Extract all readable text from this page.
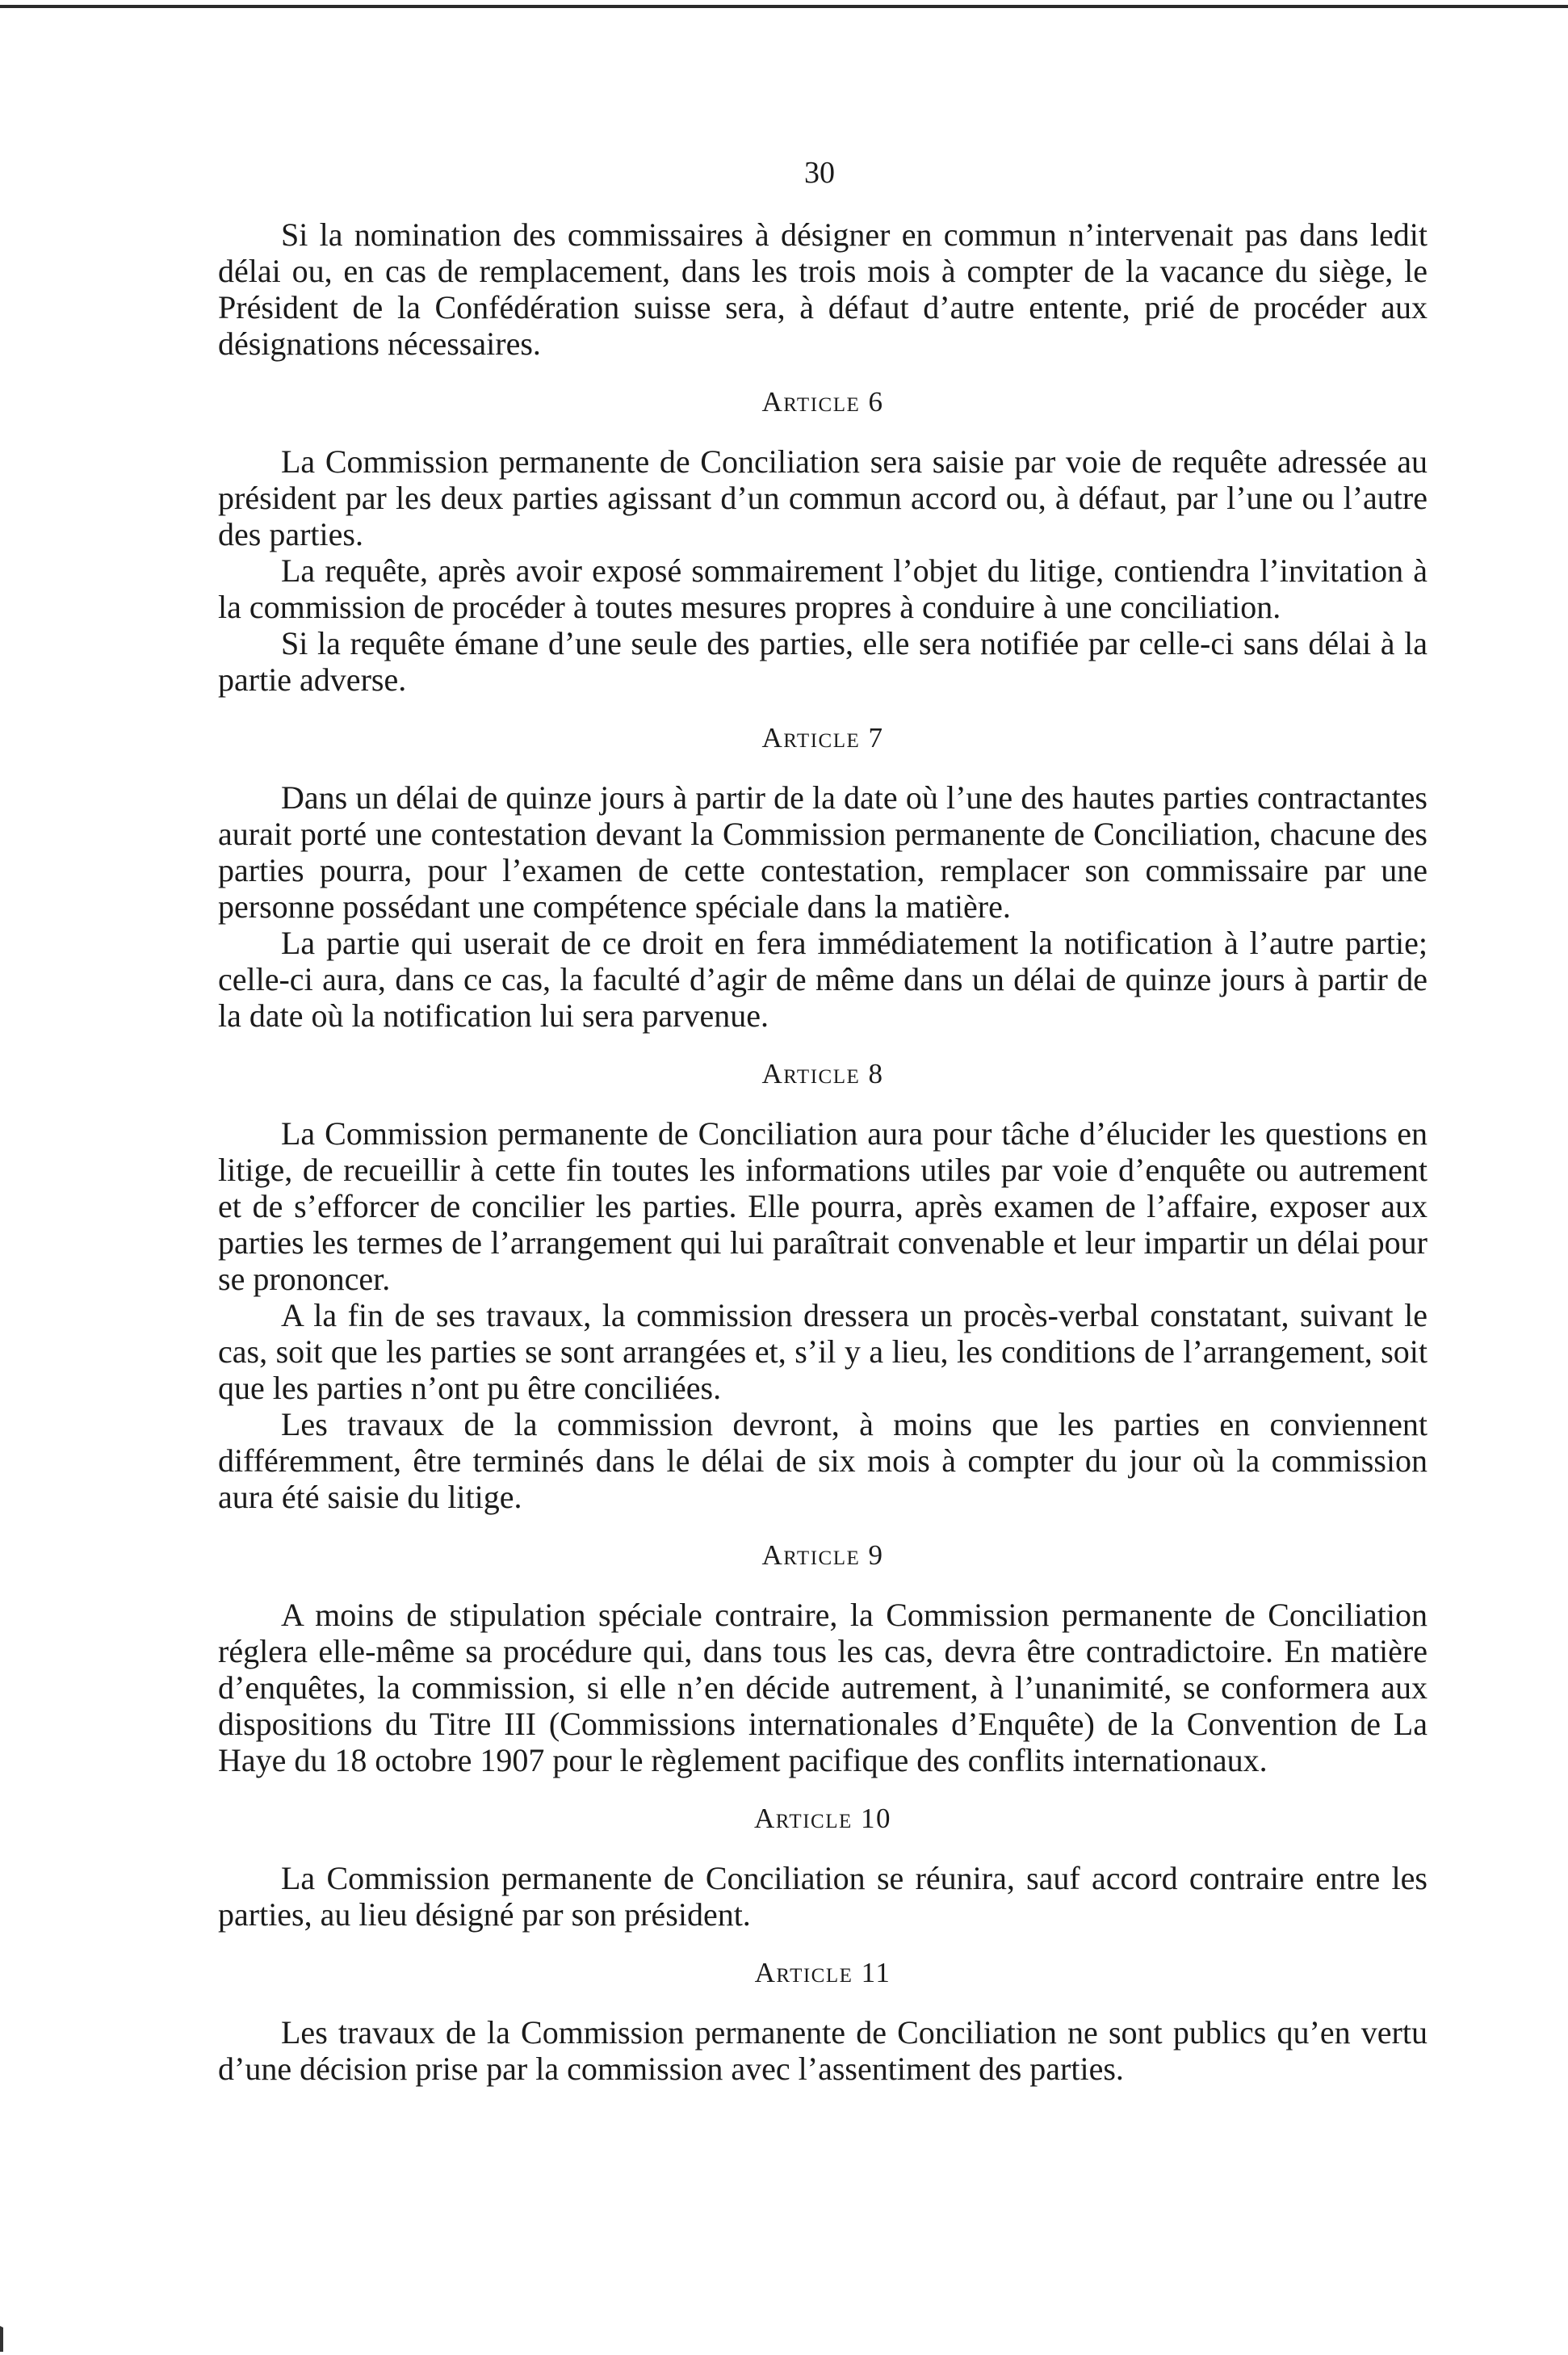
30

Si la nomination des commissaires à désigner en commun n’intervenait pas dans ledit délai ou, en cas de remplacement, dans les trois mois à compter de la vacance du siège, le Président de la Confédération suisse sera, à défaut d’autre entente, prié de procéder aux désignations nécessaires.

Article 6

La Commission permanente de Conciliation sera saisie par voie de requête adressée au président par les deux parties agissant d’un commun accord ou, à défaut, par l’une ou l’autre des parties.

La requête, après avoir exposé sommairement l’objet du litige, contiendra l’invitation à la commission de procéder à toutes mesures propres à conduire à une conciliation.

Si la requête émane d’une seule des parties, elle sera notifiée par celle-ci sans délai à la partie adverse.

Article 7

Dans un délai de quinze jours à partir de la date où l’une des hautes parties contractantes aurait porté une contestation devant la Commission permanente de Conciliation, chacune des parties pourra, pour l’examen de cette contestation, remplacer son commissaire par une personne possédant une compétence spéciale dans la matière.

La partie qui userait de ce droit en fera immédiatement la notification à l’autre partie; celle-ci aura, dans ce cas, la faculté d’agir de même dans un délai de quinze jours à partir de la date où la notification lui sera parvenue.

Article 8

La Commission permanente de Conciliation aura pour tâche d’élucider les questions en litige, de recueillir à cette fin toutes les informations utiles par voie d’enquête ou autrement et de s’efforcer de concilier les parties. Elle pourra, après examen de l’affaire, exposer aux parties les termes de l’arrangement qui lui paraîtrait convenable et leur impartir un délai pour se prononcer.

A la fin de ses travaux, la commission dressera un procès-verbal constatant, suivant le cas, soit que les parties se sont arrangées et, s’il y a lieu, les conditions de l’arrangement, soit que les parties n’ont pu être conciliées.

Les travaux de la commission devront, à moins que les parties en conviennent différemment, être terminés dans le délai de six mois à compter du jour où la commission aura été saisie du litige.

Article 9

A moins de stipulation spéciale contraire, la Commission permanente de Conciliation réglera elle-même sa procédure qui, dans tous les cas, devra être contradictoire. En matière d’enquêtes, la commission, si elle n’en décide autrement, à l’unanimité, se conformera aux dispositions du Titre III (Commissions internationales d’Enquête) de la Convention de La Haye du 18 octobre 1907 pour le règlement pacifique des conflits internationaux.

Article 10

La Commission permanente de Conciliation se réunira, sauf accord contraire entre les parties, au lieu désigné par son président.

Article 11

Les travaux de la Commission permanente de Conciliation ne sont publics qu’en vertu d’une décision prise par la commission avec l’assentiment des parties.
